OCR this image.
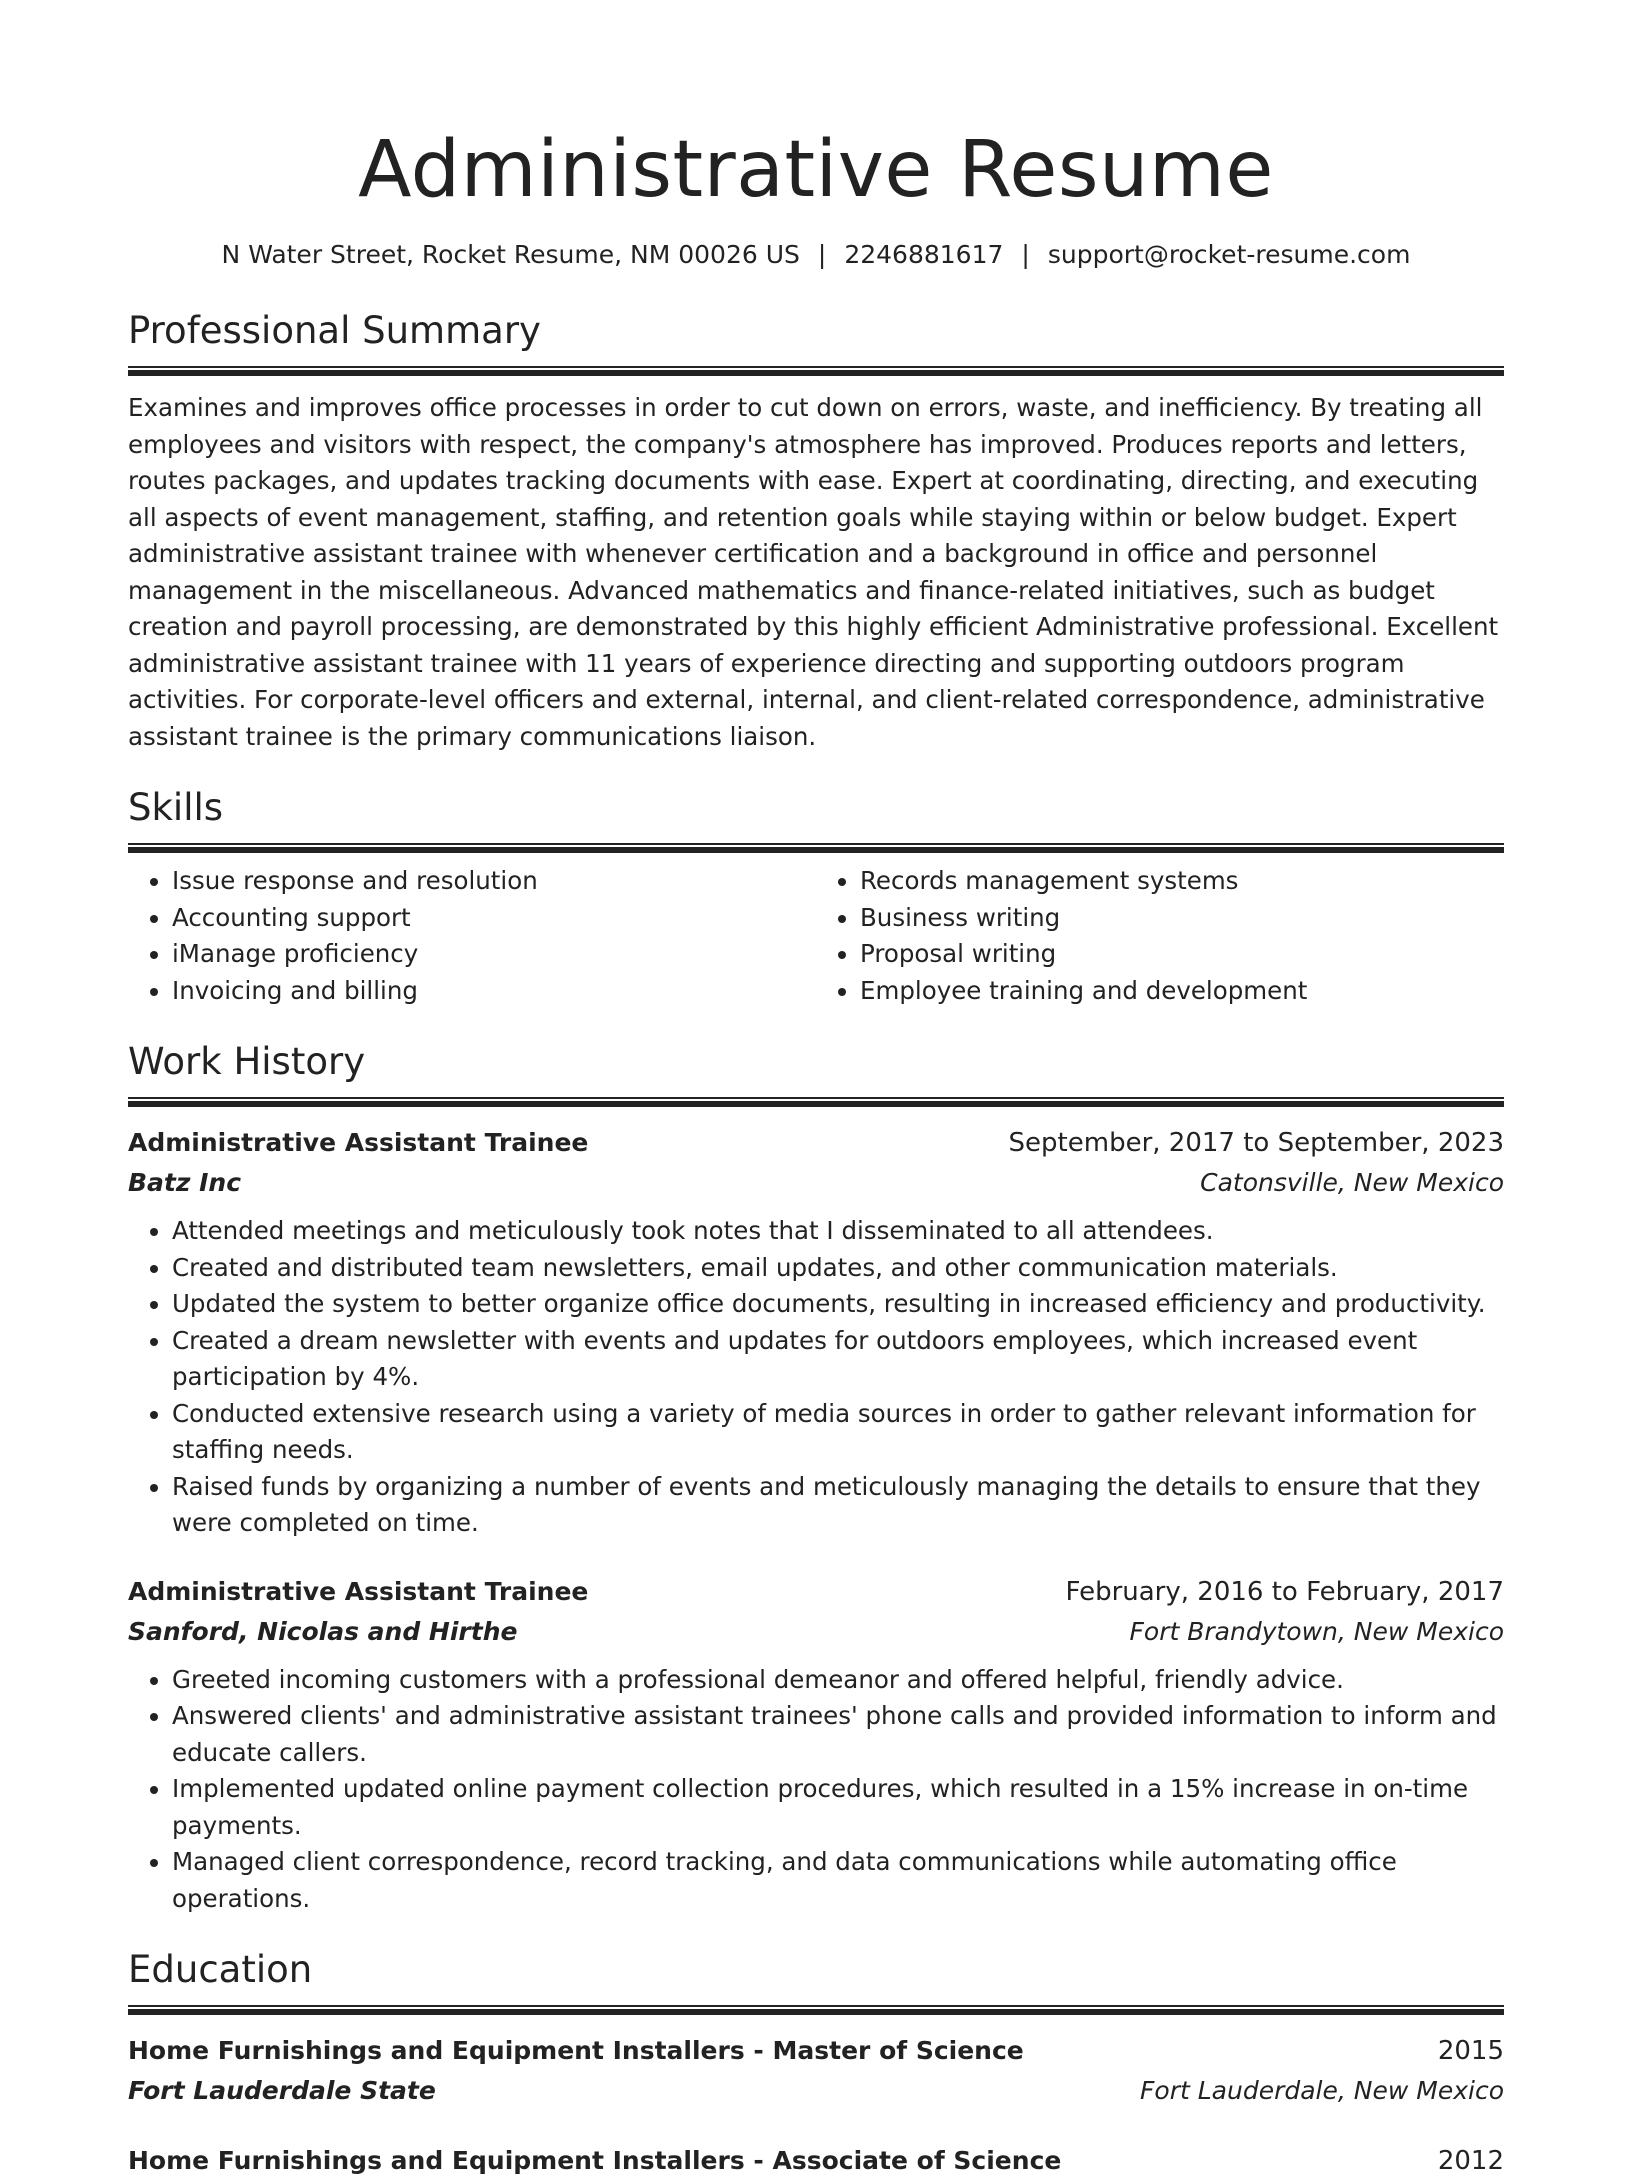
Administrative Resume
N Water Street, Rocket Resume, NM 00026 US | 2246881617 | support@rocket-resume.com
Professional Summary

Examines and improves office processes in order to cut down on errors, waste, and inefficiency. By treating all employees and visitors with respect, the company's atmosphere has improved. Produces reports and letters, routes packages, and updates tracking documents with ease. Expert at coordinating, directing, and executing all aspects of event management, staffing, and retention goals while staying within or below budget. Expert administrative assistant trainee with whenever certification and a background in office and personnel management in the miscellaneous. Advanced mathematics and finance-related initiatives, such as budget creation and payroll processing, are demonstrated by this highly efficient Administrative professional. Excellent administrative assistant trainee with 11 years of experience directing and supporting outdoors program activities. For corporate-level officers and external, internal, and client-related correspondence, administrative assistant trainee is the primary communications liaison.

Skills
• Issue response and resolution
• Accounting support
• iManage proficiency
• Invoicing and billing
• Records management systems
• Business writing
• Proposal writing
• Employee training and development
Work History
Administrative Assistant Trainee	September, 2017 to September, 2023
Batz Inc	Catonsville, New Mexico
• Attended meetings and meticulously took notes that I disseminated to all attendees.
• Created and distributed team newsletters, email updates, and other communication materials.
• Updated the system to better organize office documents, resulting in increased efficiency and productivity.
• Created a dream newsletter with events and updates for outdoors employees, which increased event participation by 4%.
• Conducted extensive research using a variety of media sources in order to gather relevant information for staffing needs.
• Raised funds by organizing a number of events and meticulously managing the details to ensure that they were completed on time.
Administrative Assistant Trainee	February, 2016 to February, 2017
Sanford, Nicolas and Hirthe	Fort Brandytown, New Mexico
• Greeted incoming customers with a professional demeanor and offered helpful, friendly advice.
• Answered clients' and administrative assistant trainees' phone calls and provided information to inform and educate callers.
• Implemented updated online payment collection procedures, which resulted in a 15% increase in on-time payments.
• Managed client correspondence, record tracking, and data communications while automating office operations.
Education
Home Furnishings and Equipment Installers - Master of Science	2015
Fort Lauderdale State	Fort Lauderdale, New Mexico
Home Furnishings and Equipment Installers - Associate of Science	2012
